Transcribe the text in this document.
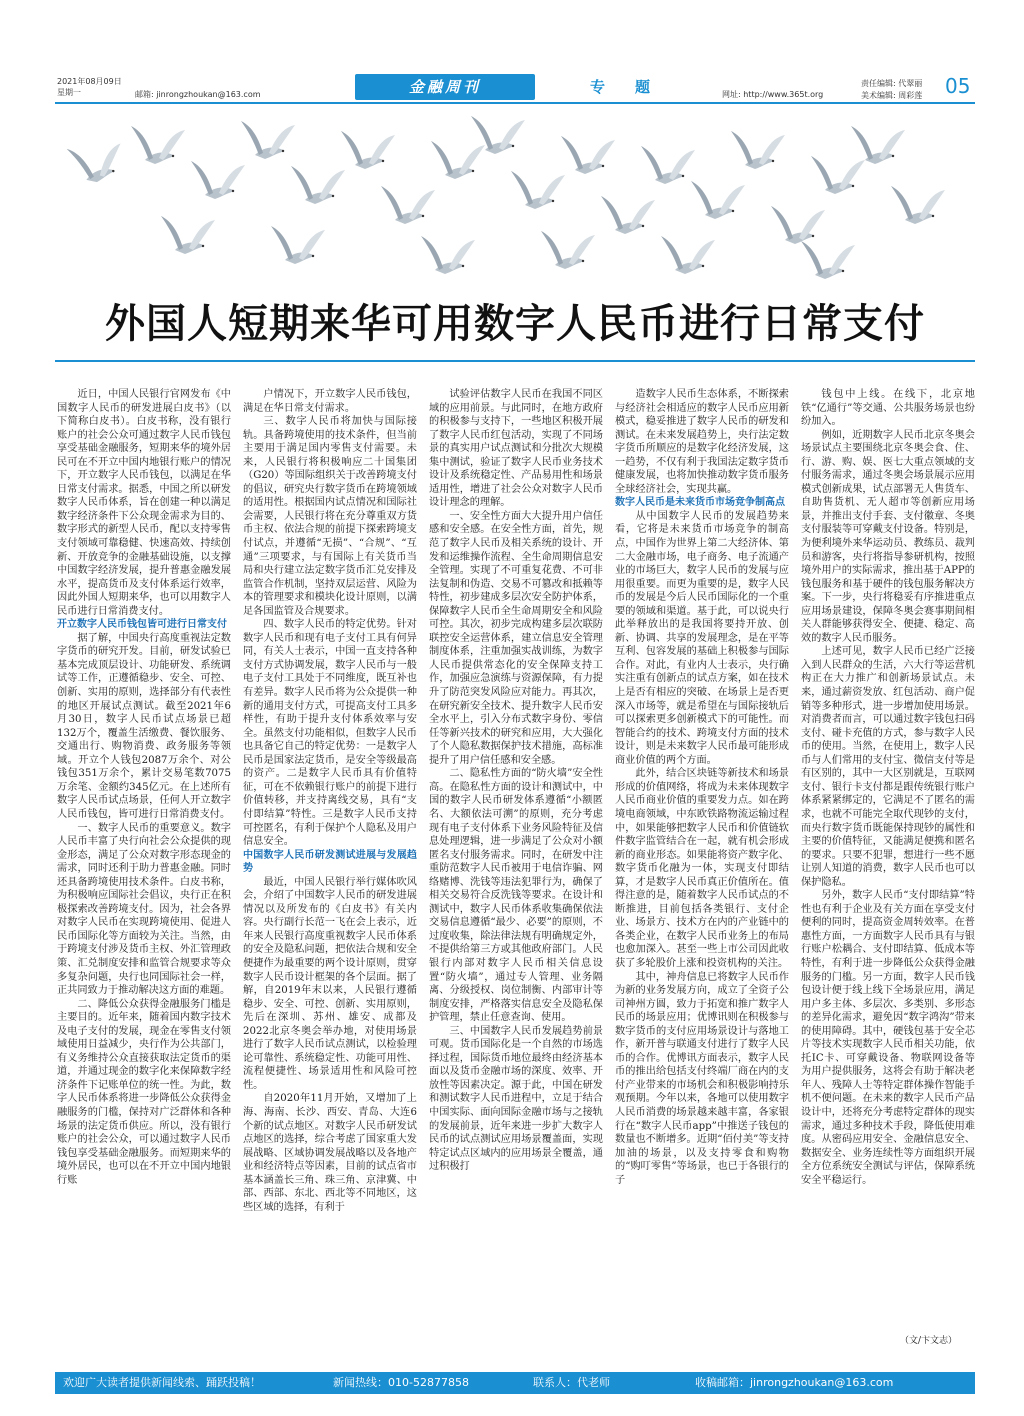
2021年08月09日
星期一	邮箱: jinrongzhoukan@163.com	金融周刊	专题	网址: http://www.365t.org
责任编辑: 代翠丽
美术编辑: 周彩莲 05
外国人短期来华可用数字人民币进行日常支付

近日，中国人民银行官网发布《中国数字人民币的研发进展白皮书》（以下简称白皮书）。白皮书称，没有银行账户的社会公众可通过数字人民币钱包享受基础金融服务，短期来华的境外居民可在不开立中国内地银行账户的情况下，开立数字人民币钱包，以满足在华日常支付需求。据悉，中国之所以研发数字人民币体系，旨在创建一种以满足数字经济条件下公众现金需求为目的、数字形式的新型人民币，配以支持零售支付领域可靠稳健、快速高效、持续创新、开放竞争的金融基础设施，以支撑中国数字经济发展，提升普惠金融发展水平，提高货币及支付体系运行效率，因此外国人短期来华，也可以用数字人民币进行日常消费支付。

开立数字人民币钱包皆可进行日常支付

据了解，中国央行高度重视法定数字货币的研究开发。目前，研发试验已基本完成顶层设计、功能研发、系统调试等工作，正遵循稳步、安全、可控、创新、实用的原则，选择部分有代表性的地区开展试点测试。截至2021年6月30日，数字人民币试点场景已超132万个，覆盖生活缴费、餐饮服务、交通出行、购物消费、政务服务等领域。开立个人钱包2087万余个、对公钱包351万余个，累计交易笔数7075万余笔、金额约345亿元。在上述所有数字人民币试点场景，任何人开立数字人民币钱包，皆可进行日常消费支付。

一、数字人民币的重要意义。数字人民币丰富了央行向社会公众提供的现金形态，满足了公众对数字形态现金的需求，同时还利于助力普惠金融。同时还具备跨境使用技术条件。白皮书称，为积极响应国际社会倡议，央行正在积极探索改善跨境支付。因为，社会各界对数字人民币在实现跨境使用、促进人民币国际化等方面较为关注。当然，由于跨境支付涉及货币主权、外汇管理政策、汇兑制度安排和监管合规要求等众多复杂问题，央行也同国际社会一样，正共同致力于推动解决这方面的难题。

二、降低公众获得金融服务门槛是主要目的。近年来，随着国内数字技术及电子支付的发展，现金在零售支付领域使用日益减少，央行作为公共部门，有义务维持公众直接获取法定货币的渠道，并通过现金的数字化来保障数字经济条件下记账单位的统一性。为此，数字人民币体系将进一步降低公众获得金融服务的门槛，保持对广泛群体和各种场景的法定货币供应。所以，没有银行账户的社会公众，可以通过数字人民币钱包享受基础金融服务。而短期来华的境外居民，也可以在不开立中国内地银行账

户情况下，开立数字人民币钱包，满足在华日常支付需求。

三、数字人民币将加快与国际接轨。具备跨境使用的技术条件，但当前主要用于满足国内零售支付需要。未来，人民银行将积极响应二十国集团（G20）等国际组织关于改善跨境支付的倡议，研究央行数字货币在跨境领域的适用性。根据国内试点情况和国际社会需要，人民银行将在充分尊重双方货币主权、依法合规的前提下探索跨境支付试点，并遵循“无损”、“合规”、“互通”三项要求，与有国际上有关货币当局和央行建立法定数字货币汇兑安排及监管合作机制，坚持双层运营、风险为本的管理要求和模块化设计原则，以满足各国监管及合规要求。

四、数字人民币的特定优势。针对数字人民币和现有电子支付工具有何异同，有关人士表示，中国一直支持各种支付方式协调发展，数字人民币与一般电子支付工具处于不同维度，既互补也有差异。数字人民币将为公众提供一种新的通用支付方式，可提高支付工具多样性，有助于提升支付体系效率与安全。虽然支付功能相似，但数字人民币也具备它自己的特定优势：一是数字人民币是国家法定货币，是安全等级最高的资产。二是数字人民币具有价值特征，可在不依赖银行账户的前提下进行价值转移，并支持离线交易，具有“支付即结算”特性。三是数字人民币支持可控匿名，有利于保护个人隐私及用户信息安全。

中国数字人民币研发测试进展与发展趋势

最近，中国人民银行举行媒体吹风会，介绍了中国数字人民币的研发进展情况以及所发布的《白皮书》有关内容。央行副行长范一飞在会上表示，近年来人民银行高度重视数字人民币体系的安全及隐私问题，把依法合规和安全便捷作为最重要的两个设计原则，贯穿数字人民币设计框架的各个层面。据了解，自2019年末以来，人民银行遵循稳步、安全、可控、创新、实用原则，先后在深圳、苏州、雄安、成都及2022北京冬奥会举办地，对使用场景进行了数字人民币试点测试，以检验理论可靠性、系统稳定性、功能可用性、流程便捷性、场景适用性和风险可控性。

自2020年11月开始，又增加了上海、海南、长沙、西安、青岛、大连6个新的试点地区。对数字人民币研发试点地区的选择，综合考虑了国家重大发展战略、区域协调发展战略以及各地产业和经济特点等因素，目前的试点省市基本涵盖长三角、珠三角、京津冀、中部、西部、东北、西北等不同地区，这些区域的选择，有利于

试验评估数字人民币在我国不同区域的应用前景。与此同时，在地方政府的积极参与支持下，一些地区积极开展了数字人民币红包活动，实现了不同场景的真实用户试点测试和分批次大规模集中测试，验证了数字人民币业务技术设计及系统稳定性、产品易用性和场景适用性，增进了社会公众对数字人民币设计理念的理解。

一、安全性方面大大提升用户信任感和安全感。在安全性方面，首先，规范了数字人民币及相关系统的设计、开发和运维操作流程、全生命周期信息安全管理。实现了不可重复花费、不可非法复制和伪造、交易不可篡改和抵赖等特性，初步建成多层次安全防护体系，保障数字人民币全生命周期安全和风险可控。其次，初步完成构建多层次联防联控安全运营体系，建立信息安全管理制度体系，注重加强实战训练，为数字人民币提供常态化的安全保障支持工作，加强应急演练与资源保障，有力提升了防范突发风险应对能力。再其次，在研究新安全技术、提升数字人民币安全水平上，引入分布式数字身份、零信任等新兴技术的研究和应用，大大强化了个人隐私数据保护技术措施，高标准提升了用户信任感和安全感。

二、隐私性方面的“防火墙”安全性高。在隐私性方面的设计和测试中，中国的数字人民币研发体系遵循“小额匿名、大额依法可溯”的原则，充分考虑现有电子支付体系下业务风险特征及信息处理逻辑，进一步满足了公众对小额匿名支付服务需求。同时，在研发中注重防范数字人民币被用于电信诈骗、网络赌博、洗钱等违法犯罪行为，确保了相关交易符合反洗钱等要求。在设计和测试中，数字人民币体系收集确保依法交易信息遵循“最少、必要”的原则，不过度收集，除法律法规有明确规定外，不提供给第三方或其他政府部门。人民银行内部对数字人民币相关信息设置“防火墙”，通过专人管理、业务隔离、分级授权、岗位制衡、内部审计等制度安排，严格落实信息安全及隐私保护管理，禁止任意查询、使用。

三、中国数字人民币发展趋势前景可观。货币国际化是一个自然的市场选择过程，国际货币地位最终由经济基本面以及货币金融市场的深度、效率、开放性等因素决定。源于此，中国在研发和测试数字人民币进程中，立足于结合中国实际、面向国际金融市场与之接轨的发展前景，近年来进一步扩大数字人民币的试点测试应用场景覆盖面，实现特定试点区域内的应用场景全覆盖，通过积极打

造数字人民币生态体系，不断探索与经济社会相适应的数字人民币应用新模式，稳妥推进了数字人民币的研发和测试。在未来发展趋势上，央行法定数字货币所顺应的是数字化经济发展，这一趋势，不仅有利于我国法定数字货币健康发展，也将加快推动数字货币服务全球经济社会，实现共赢。

数字人民币是未来货币市场竞争制高点

从中国数字人民币的发展趋势来看，它将是未来货币市场竞争的制高点，中国作为世界上第二大经济体、第二大金融市场，电子商务、电子流通产业的市场巨大，数字人民币的发展与应用很重要。而更为重要的是，数字人民币的发展是今后人民币国际化的一个重要的领域和渠道。基于此，可以说央行此举释放出的是我国将要持开放、创新、协调、共享的发展理念，是在平等互利、包容发展的基础上积极参与国际合作。对此，有业内人士表示，央行确实注重有创新点的试点方案，如在技术上是否有相应的突破、在场景上是否更深入市场等，就是希望在与国际接轨后可以探索更多创新模式下的可能性。而智能合约的技术、跨境支付方面的技术设计，则是未来数字人民币最可能形成商业价值的两个方面。

此外，结合区块链等新技术和场景形成的价值网络，将成为未来体现数字人民币商业价值的重要发力点。如在跨境电商领域，中东欧铁路物流运输过程中，如果能够把数字人民币和价值链软件数字监管结合在一起，就有机会形成新的商业形态。如果能将资产数字化、数字货币化融为一体，实现支付即结算，才是数字人民币真正价值所在。值得注意的是，随着数字人民币试点的不断推进，目前包括各类银行、支付企业、场景方、技术方在内的产业链中的各类企业，在数字人民币业务上的布局也愈加深入。甚至一些上市公司因此收获了多轮股价上涨和投资机构的关注。

其中，神舟信息已将数字人民币作为新的业务发展方向，成立了全资子公司神州方圆，致力于拓宽和推广数字人民币的场景应用；优博讯则在积极参与数字货币的支付应用场景设计与落地工作，新开普与联通支付进行了数字人民币的合作。优博讯方面表示，数字人民币的推出给包括支付终端厂商在内的支付产业带来的市场机会和积极影响持乐观预期。今年以来，各地可以使用数字人民币消费的场景越来越丰富，各家银行在“数字人民币app”中推送子钱包的数量也不断增多。近期“佰付美”等支持加油的场景，以及支持零食和购物的“购叮零售”等场景，也已于各银行的子

钱包中上线。在线下，北京地铁“亿通行”等交通、公共服务场景也纷纷加入。

例如，近期数字人民币北京冬奥会场景试点主要围绕北京冬奥会食、住、行、游、购、娱、医七大重点领域的支付服务需求，通过冬奥会场景展示应用模式创新成果，试点部署无人售货车、自助售货机、无人超市等创新应用场景，并推出支付手套、支付徽章、冬奥支付服装等可穿戴支付设备。特别是，为便利境外来华运动员、教练员、裁判员和游客，央行将指导参研机构，按照境外用户的实际需求，推出基于APP的钱包服务和基于硬件的钱包服务解决方案。下一步，央行将稳妥有序推进重点应用场景建设，保障冬奥会赛事期间相关人群能够获得安全、便捷、稳定、高效的数字人民币服务。

上述可见，数字人民币已经广泛接入到人民群众的生活，六大行等运营机构正在大力推广和创新场景试点。未来，通过薪资发放、红包活动、商户促销等多种形式，进一步增加使用场景。对消费者而言，可以通过数字钱包扫码支付、碰卡充值的方式，参与数字人民币的使用。当然，在使用上，数字人民币与人们常用的支付宝、微信支付等是有区别的，其中一大区别就是，互联网支付、银行卡支付都是跟传统银行账户体系紧紧绑定的，它满足不了匿名的需求，也就不可能完全取代现钞的支付，而央行数字货币既能保持现钞的属性和主要的价值特征，又能满足便携和匿名的要求。只要不犯罪，想进行一些不愿让别人知道的消费，数字人民币也可以保护隐私。

另外，数字人民币“支付即结算”特性也有利于企业及有关方面在享受支付便利的同时，提高资金周转效率。在普惠性方面，一方面数字人民币具有与银行账户松耦合、支付即结算、低成本等特性，有利于进一步降低公众获得金融服务的门槛。另一方面，数字人民币钱包设计便于线上线下全场景应用，满足用户多主体、多层次、多类别、多形态的差异化需求，避免因“数字鸿沟”带来的使用障碍。其中，硬钱包基于安全芯片等技术实现数字人民币相关功能，依托IC卡、可穿戴设备、物联网设备等为用户提供服务，这将会有助于解决老年人、残障人士等特定群体操作智能手机不便问题。在未来的数字人民币产品设计中，还将充分考虑特定群体的现实需求，通过多种技术手段，降低使用难度。从密码应用安全、金融信息安全、数据安全、业务连续性等方面组织开展全方位系统安全测试与评估，保障系统安全平稳运行。

（文/卞文志）
欢迎广大读者提供新闻线索、踊跃投稿！	新闻热线：010-52877858	联系人：代老师	收稿邮箱：jinrongzhoukan@163.com
